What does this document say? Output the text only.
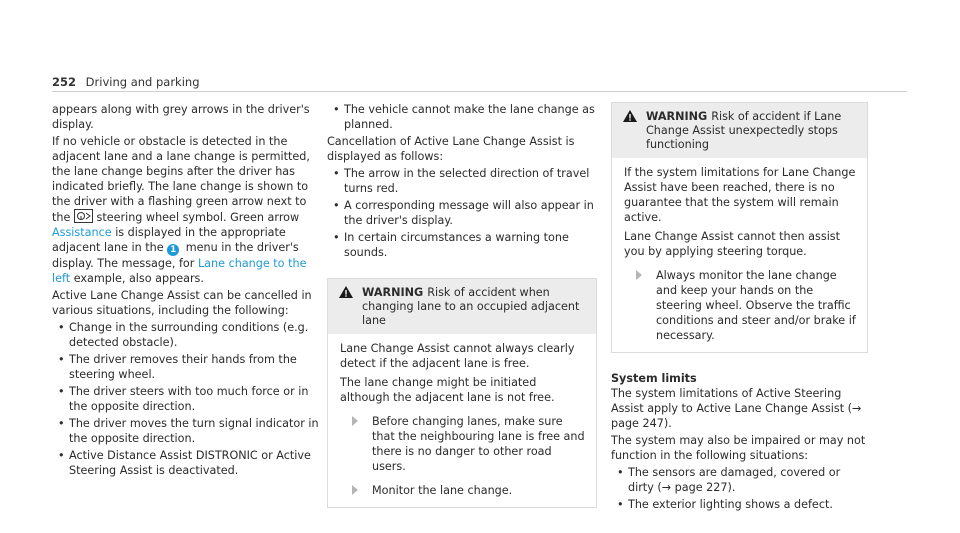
252 Driving and parking

appears along with grey arrows in the driver's display.

If no vehicle or obstacle is detected in the adjacent lane and a lane change is permitted, the lane change begins after the driver has indicated briefly. The lane change is shown to the driver with a flashing green arrow next to the steering wheel symbol. Green arrow Assistance is displayed in the appropriate adjacent lane in the 1 menu in the driver's display. The message, for Lane change to the left example, also appears.

Active Lane Change Assist can be cancelled in various situations, including the following:

• Change in the surrounding conditions (e.g. detected obstacle).
• The driver removes their hands from the steering wheel.
• The driver steers with too much force or in the opposite direction.
• The driver moves the turn signal indicator in the opposite direction.
• Active Distance Assist DISTRONIC or Active Steering Assist is deactivated.
• The vehicle cannot make the lane change as planned.

Cancellation of Active Lane Change Assist is displayed as follows:

• The arrow in the selected direction of travel turns red.
• A corresponding message will also appear in the driver's display.
• In certain circumstances a warning tone sounds.
WARNING Risk of accident when changing lane to an occupied adjacent lane

Lane Change Assist cannot always clearly detect if the adjacent lane is free.

The lane change might be initiated although the adjacent lane is not free.

Before changing lanes, make sure that the neighbouring lane is free and there is no danger to other road users.
Monitor the lane change.
WARNING Risk of accident if Lane Change Assist unexpectedly stops functioning

If the system limitations for Lane Change Assist have been reached, there is no guarantee that the system will remain active.

Lane Change Assist cannot then assist you by applying steering torque.

Always monitor the lane change and keep your hands on the steering wheel. Observe the traffic conditions and steer and/or brake if necessary.
System limits

The system limitations of Active Steering Assist apply to Active Lane Change Assist (→ page 247).

The system may also be impaired or may not function in the following situations:

• The sensors are damaged, covered or dirty (→ page 227).
• The exterior lighting shows a defect.
